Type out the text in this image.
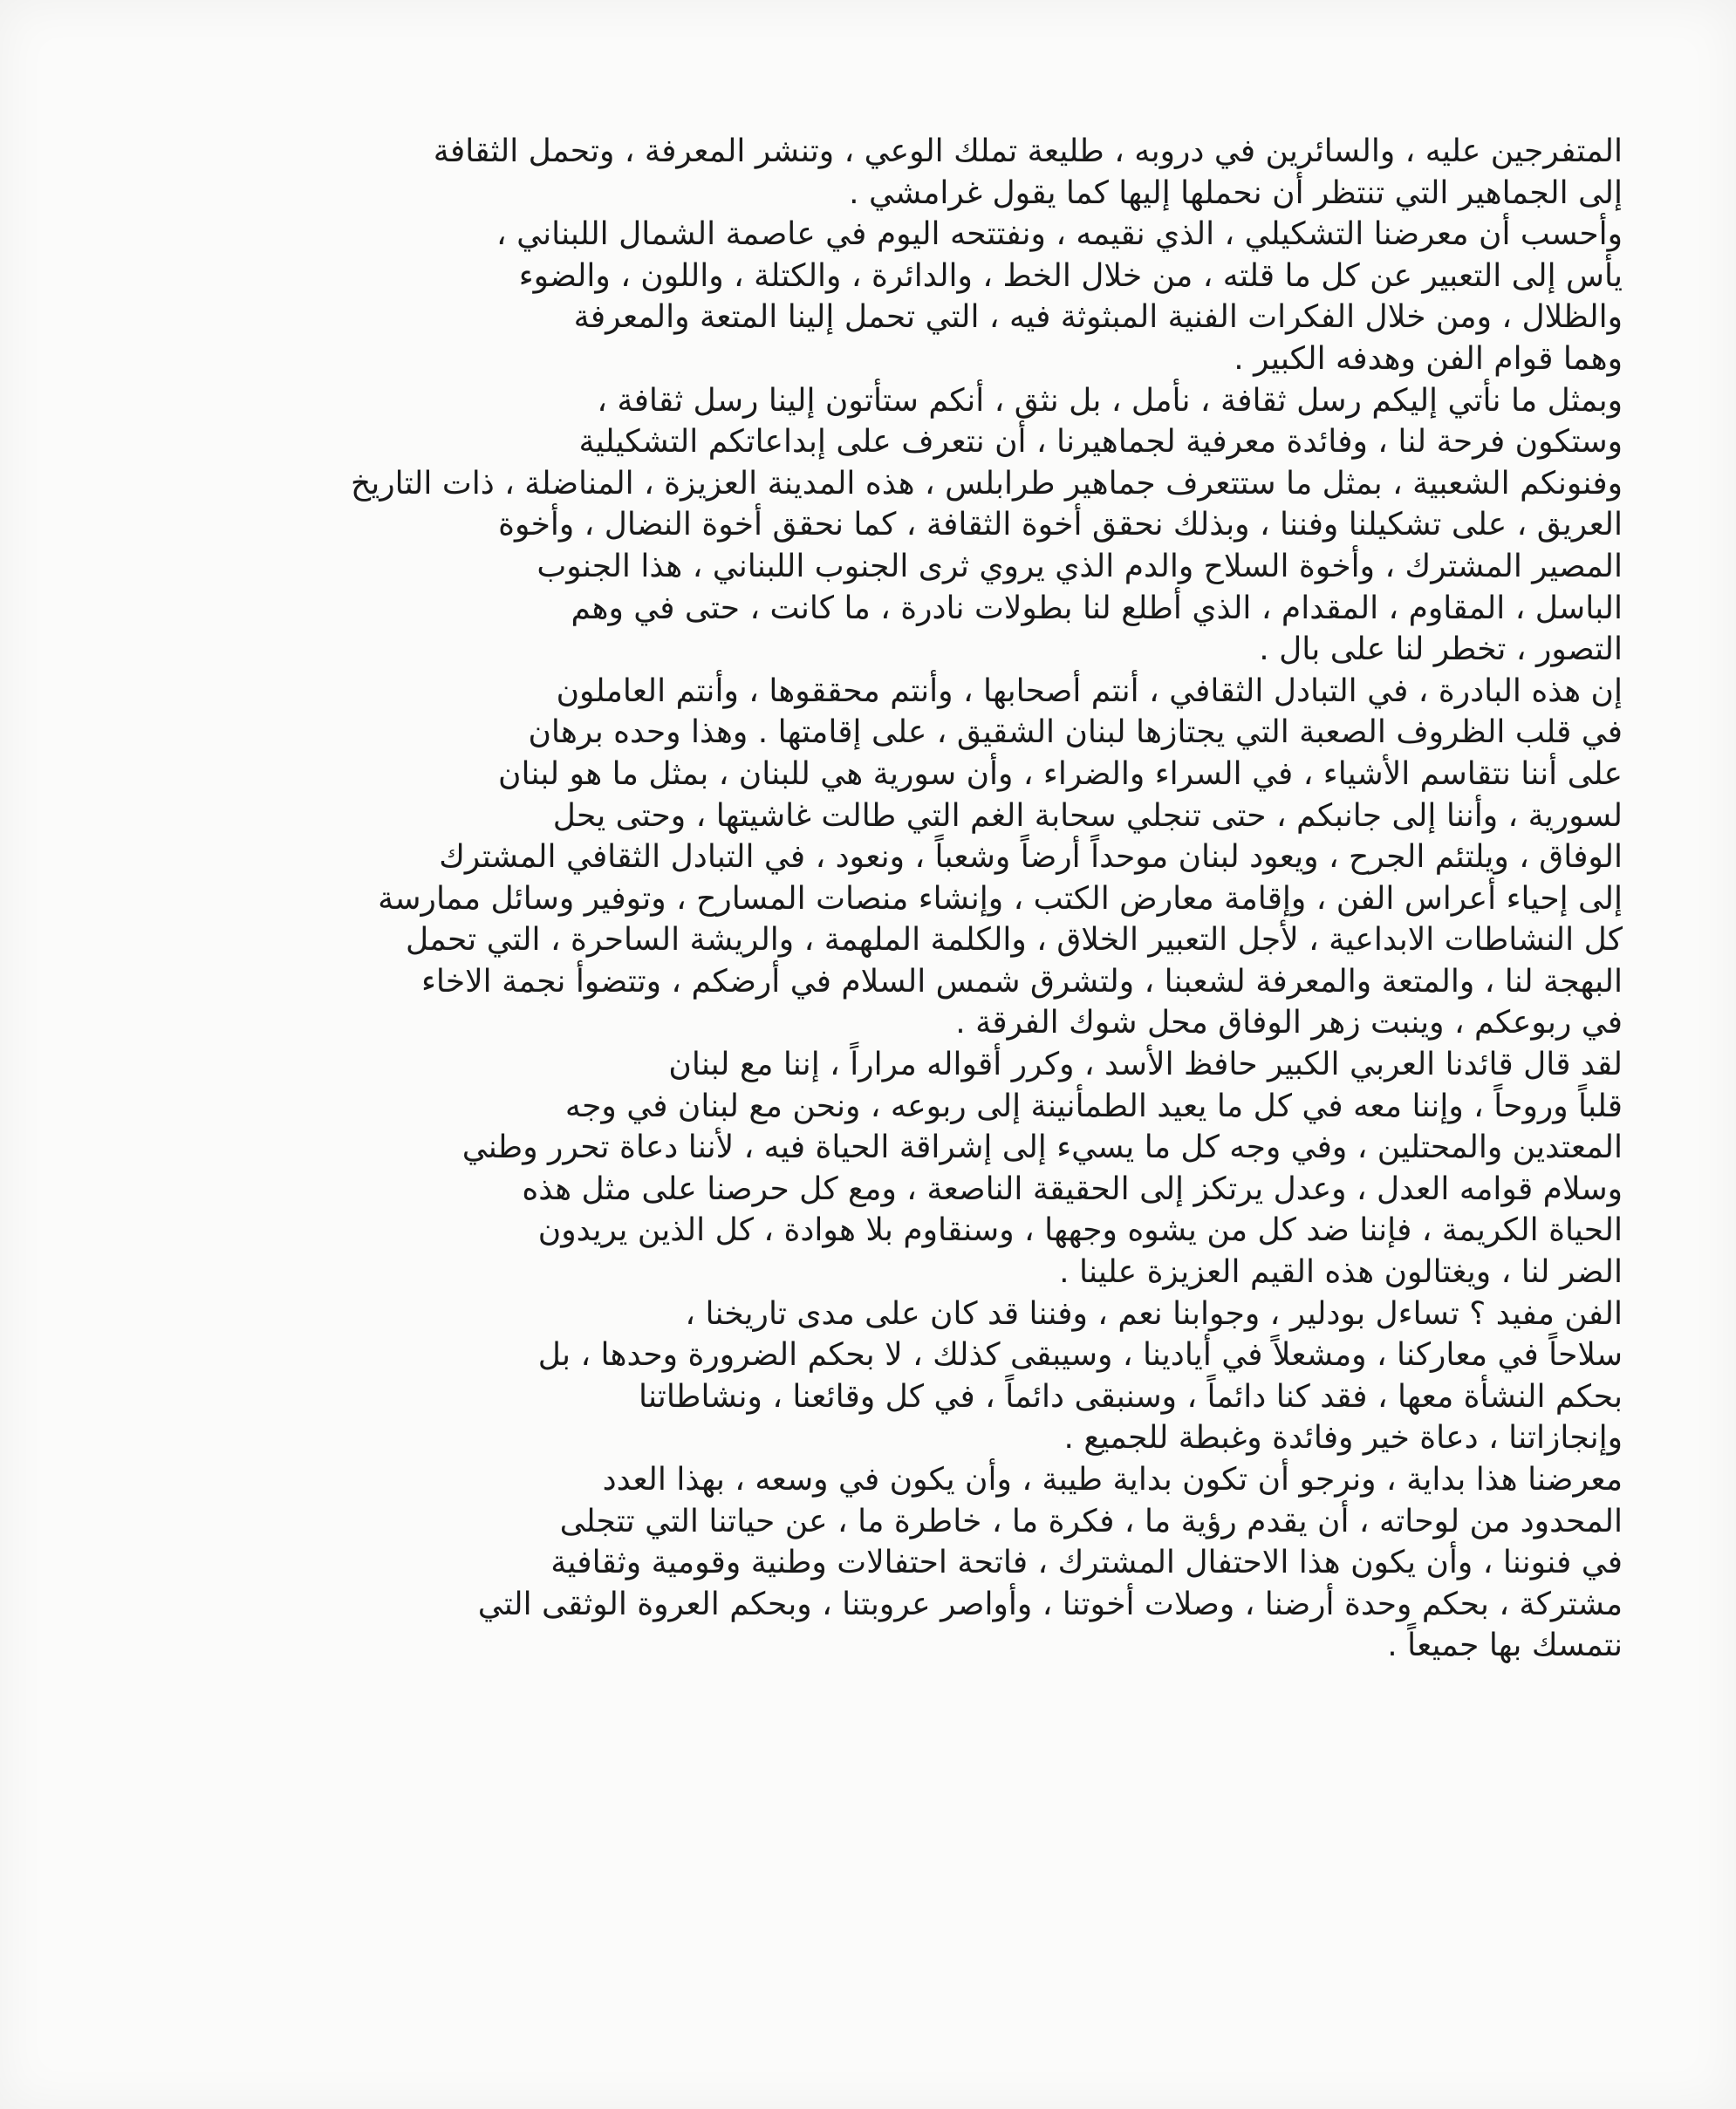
المتفرجين عليه ، والسائرين في دروبه ، طليعة تملك الوعي ، وتنشر المعرفة ، وتحمل الثقافة

إلى الجماهير التي تنتظر أن نحملها إليها كما يقول غرامشي .

وأحسب أن معرضنا التشكيلي ، الذي نقيمه ، ونفتتحه اليوم في عاصمة الشمال اللبناني ،

يأس إلى التعبير عن كل ما قلته ، من خلال الخط ، والدائرة ، والكتلة ، واللون ، والضوء

والظلال ، ومن خلال الفكرات الفنية المبثوثة فيه ، التي تحمل إلينا المتعة والمعرفة

وهما قوام الفن وهدفه الكبير .

وبمثل ما نأتي إليكم رسل ثقافة ، نأمل ، بل نثق ، أنكم ستأتون إلينا رسل ثقافة ،

وستكون فرحة لنا ، وفائدة معرفية لجماهيرنا ، أن نتعرف على إبداعاتكم التشكيلية

وفنونكم الشعبية ، بمثل ما ستتعرف جماهير طرابلس ، هذه المدينة العزيزة ، المناضلة ، ذات التاريخ

العريق ، على تشكيلنا وفننا ، وبذلك نحقق أخوة الثقافة ، كما نحقق أخوة النضال ، وأخوة

المصير المشترك ، وأخوة السلاح والدم الذي يروي ثرى الجنوب اللبناني ، هذا الجنوب

الباسل ، المقاوم ، المقدام ، الذي أطلع لنا بطولات نادرة ، ما كانت ، حتى في وهم

التصور ، تخطر لنا على بال .

إن هذه البادرة ، في التبادل الثقافي ، أنتم أصحابها ، وأنتم محققوها ، وأنتم العاملون

في قلب الظروف الصعبة التي يجتازها لبنان الشقيق ، على إقامتها . وهذا وحده برهان

على أننا نتقاسم الأشياء ، في السراء والضراء ، وأن سورية هي للبنان ، بمثل ما هو لبنان

لسورية ، وأننا إلى جانبكم ، حتى تنجلي سحابة الغم التي طالت غاشيتها ، وحتى يحل

الوفاق ، ويلتئم الجرح ، ويعود لبنان موحداً أرضاً وشعباً ، ونعود ، في التبادل الثقافي المشترك

إلى إحياء أعراس الفن ، وإقامة معارض الكتب ، وإنشاء منصات المسارح ، وتوفير وسائل ممارسة

كل النشاطات الابداعية ، لأجل التعبير الخلاق ، والكلمة الملهمة ، والريشة الساحرة ، التي تحمل

البهجة لنا ، والمتعة والمعرفة لشعبنا ، ولتشرق شمس السلام في أرضكم ، وتتضوأ نجمة الاخاء

في ربوعكم ، وينبت زهر الوفاق محل شوك الفرقة .

لقد قال قائدنا العربي الكبير حافظ الأسد ، وكرر أقواله مراراً ، إننا مع لبنان

قلباً وروحاً ، وإننا معه في كل ما يعيد الطمأنينة إلى ربوعه ، ونحن مع لبنان في وجه

المعتدين والمحتلين ، وفي وجه كل ما يسيء إلى إشراقة الحياة فيه ، لأننا دعاة تحرر وطني

وسلام قوامه العدل ، وعدل يرتكز إلى الحقيقة الناصعة ، ومع كل حرصنا على مثل هذه

الحياة الكريمة ، فإننا ضد كل من يشوه وجهها ، وسنقاوم بلا هوادة ، كل الذين يريدون

الضر لنا ، ويغتالون هذه القيم العزيزة علينا .

الفن مفيد ؟ تساءل بودلير ، وجوابنا نعم ، وفننا قد كان على مدى تاريخنا ،

سلاحاً في معاركنا ، ومشعلاً في أيادينا ، وسيبقى كذلك ، لا بحكم الضرورة وحدها ، بل

بحكم النشأة معها ، فقد كنا دائماً ، وسنبقى دائماً ، في كل وقائعنا ، ونشاطاتنا

وإنجازاتنا ، دعاة خير وفائدة وغبطة للجميع .

معرضنا هذا بداية ، ونرجو أن تكون بداية طيبة ، وأن يكون في وسعه ، بهذا العدد

المحدود من لوحاته ، أن يقدم رؤية ما ، فكرة ما ، خاطرة ما ، عن حياتنا التي تتجلى

في فنوننا ، وأن يكون هذا الاحتفال المشترك ، فاتحة احتفالات وطنية وقومية وثقافية

مشتركة ، بحكم وحدة أرضنا ، وصلات أخوتنا ، وأواصر عروبتنا ، وبحكم العروة الوثقى التي

نتمسك بها جميعاً .
